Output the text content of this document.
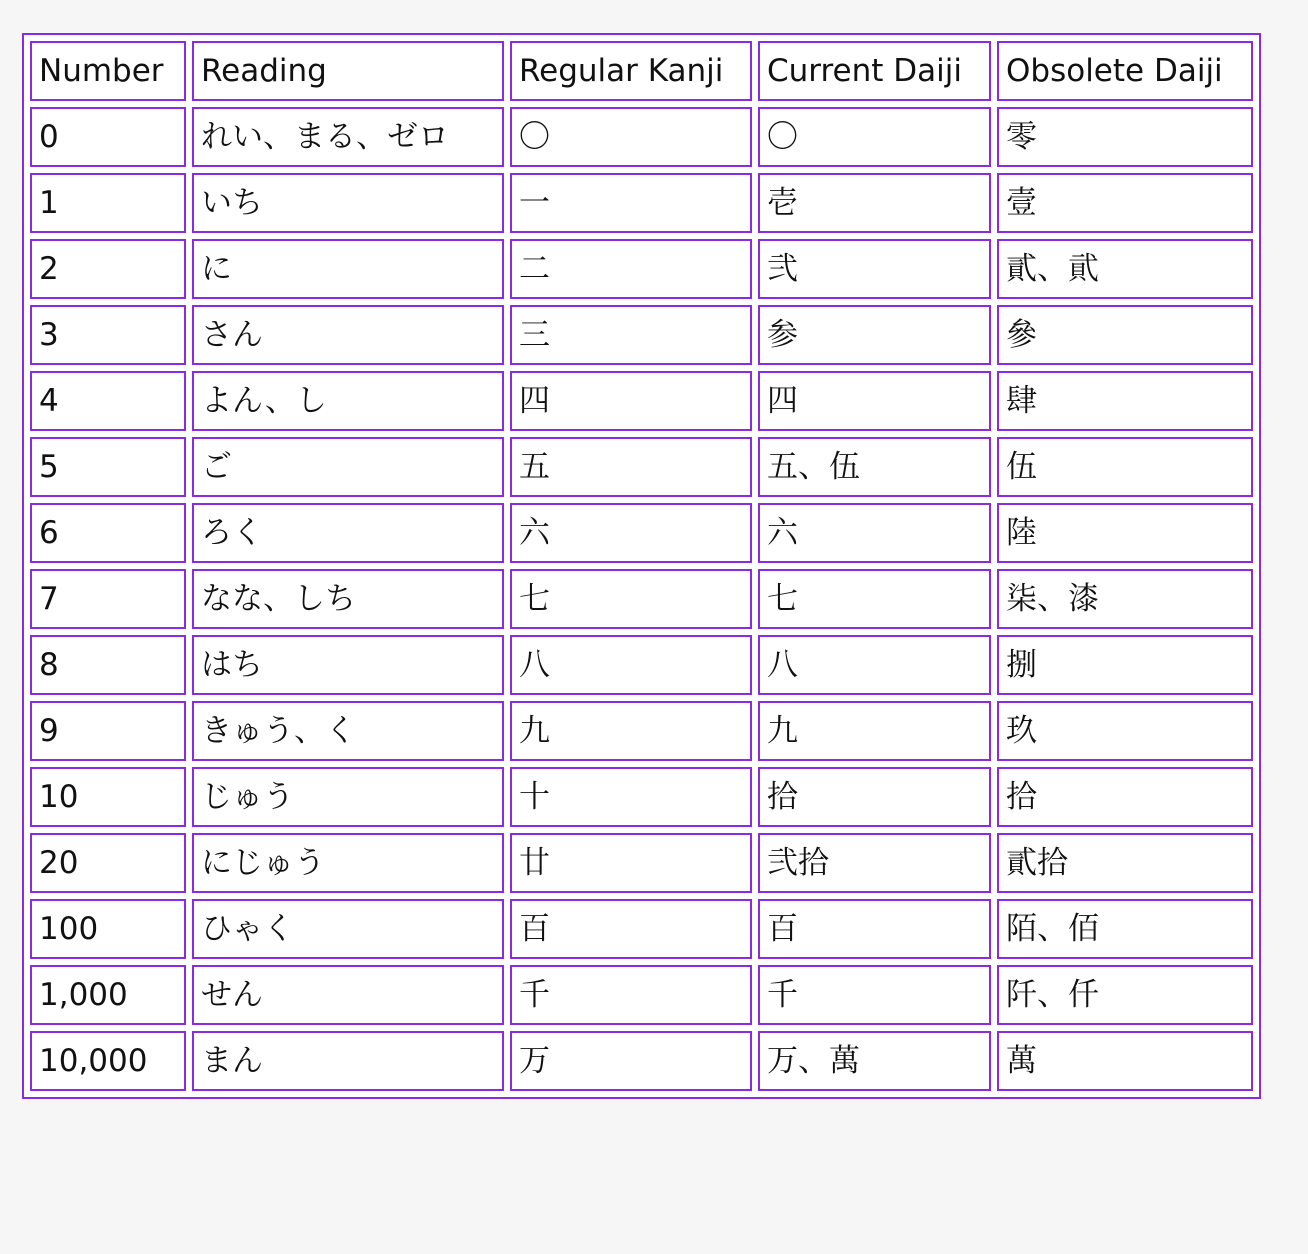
Number	Reading	Regular Kanji	Current Daiji	Obsolete Daiji
0	れい、まる、ゼロ	〇	〇	零
1	いち	一	壱	壹
2	に	二	弐	貳、貮
3	さん	三	参	參
4	よん、し	四	四	肆
5	ご	五	五、伍	伍
6	ろく	六	六	陸
7	なな、しち	七	七	柒、漆
8	はち	八	八	捌
9	きゅう、く	九	九	玖
10	じゅう	十	拾	拾
20	にじゅう	廿	弐拾	貳拾
100	ひゃく	百	百	陌、佰
1,000	せん	千	千	阡、仟
10,000	まん	万	万、萬	萬
